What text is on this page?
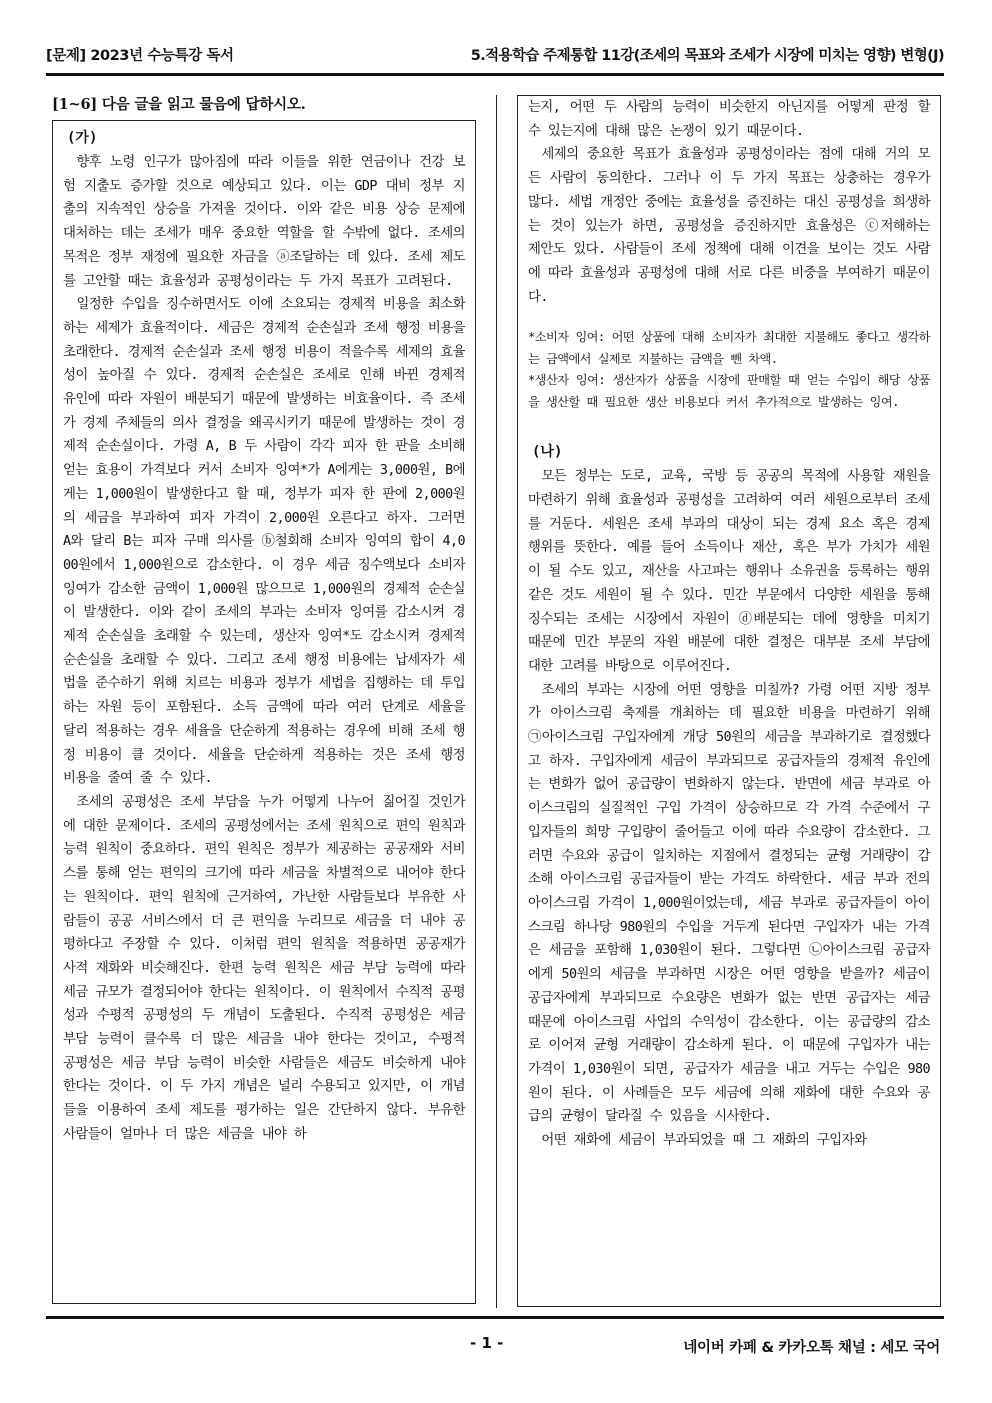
[문제] 2023년 수능특강 독서	5.적용학습 주제통합 11강(조세의 목표와 조세가 시장에 미치는 영향) 변형(J)
[1~6] 다음 글을 읽고 물음에 답하시오.
(가)

향후 노령 인구가 많아짐에 따라 이들을 위한 연금이나 건강 보험 지출도 증가할 것으로 예상되고 있다. 이는 GDP 대비 정부 지출의 지속적인 상승을 가져올 것이다. 이와 같은 비용 상승 문제에 대처하는 데는 조세가 매우 중요한 역할을 할 수밖에 없다. 조세의 목적은 정부 재정에 필요한 자금을 ⓐ조달하는 데 있다. 조세 제도를 고안할 때는 효율성과 공평성이라는 두 가지 목표가 고려된다.

일정한 수입을 징수하면서도 이에 소요되는 경제적 비용을 최소화하는 세제가 효율적이다. 세금은 경제적 순손실과 조세 행정 비용을 초래한다. 경제적 순손실과 조세 행정 비용이 적을수록 세제의 효율성이 높아질 수 있다. 경제적 순손실은 조세로 인해 바뀐 경제적 유인에 따라 자원이 배분되기 때문에 발생하는 비효율이다. 즉 조세가 경제 주체들의 의사 결정을 왜곡시키기 때문에 발생하는 것이 경제적 순손실이다. 가령 A, B 두 사람이 각각 피자 한 판을 소비해 얻는 효용이 가격보다 커서 소비자 잉여*가 A에게는 3,000원, B에게는 1,000원이 발생한다고 할 때, 정부가 피자 한 판에 2,000원의 세금을 부과하여 피자 가격이 2,000원 오른다고 하자. 그러면 A와 달리 B는 피자 구매 의사를 ⓑ철회해 소비자 잉여의 합이 4,000원에서 1,000원으로 감소한다. 이 경우 세금 징수액보다 소비자 잉여가 감소한 금액이 1,000원 많으므로 1,000원의 경제적 순손실이 발생한다. 이와 같이 조세의 부과는 소비자 잉여를 감소시켜 경제적 순손실을 초래할 수 있는데, 생산자 잉여*도 감소시켜 경제적 순손실을 초래할 수 있다. 그리고 조세 행정 비용에는 납세자가 세법을 준수하기 위해 치르는 비용과 정부가 세법을 집행하는 데 투입하는 자원 등이 포함된다. 소득 금액에 따라 여러 단계로 세율을 달리 적용하는 경우 세율을 단순하게 적용하는 경우에 비해 조세 행정 비용이 클 것이다. 세율을 단순하게 적용하는 것은 조세 행정 비용을 줄여 줄 수 있다.

조세의 공평성은 조세 부담을 누가 어떻게 나누어 짊어질 것인가에 대한 문제이다. 조세의 공평성에서는 조세 원칙으로 편익 원칙과 능력 원칙이 중요하다. 편익 원칙은 정부가 제공하는 공공재와 서비스를 통해 얻는 편익의 크기에 따라 세금을 차별적으로 내어야 한다는 원칙이다. 편익 원칙에 근거하여, 가난한 사람들보다 부유한 사람들이 공공 서비스에서 더 큰 편익을 누리므로 세금을 더 내야 공평하다고 주장할 수 있다. 이처럼 편익 원칙을 적용하면 공공재가 사적 재화와 비슷해진다. 한편 능력 원칙은 세금 부담 능력에 따라 세금 규모가 결정되어야 한다는 원칙이다. 이 원칙에서 수직적 공평성과 수평적 공평성의 두 개념이 도출된다. 수직적 공평성은 세금 부담 능력이 클수록 더 많은 세금을 내야 한다는 것이고, 수평적 공평성은 세금 부담 능력이 비슷한 사람들은 세금도 비슷하게 내야 한다는 것이다. 이 두 가지 개념은 널리 수용되고 있지만, 이 개념들을 이용하여 조세 제도를 평가하는 일은 간단하지 않다. 부유한 사람들이 얼마나 더 많은 세금을 내야 하

는지, 어떤 두 사람의 능력이 비슷한지 아닌지를 어떻게 판정 할 수 있는지에 대해 많은 논쟁이 있기 때문이다.

세제의 중요한 목표가 효율성과 공평성이라는 점에 대해 거의 모든 사람이 동의한다. 그러나 이 두 가지 목표는 상충하는 경우가 많다. 세법 개정안 중에는 효율성을 증진하는 대신 공평성을 희생하는 것이 있는가 하면, 공평성을 증진하지만 효율성은 ⓒ저해하는 제안도 있다. 사람들이 조세 정책에 대해 이견을 보이는 것도 사람에 따라 효율성과 공평성에 대해 서로 다른 비중을 부여하기 때문이다.

*소비자 잉여: 어떤 상품에 대해 소비자가 최대한 지불해도 좋다고 생각하는 금액에서 실제로 지불하는 금액을 뺀 차액.

*생산자 잉여: 생산자가 상품을 시장에 판매할 때 얻는 수입이 해당 상품을 생산할 때 필요한 생산 비용보다 커서 추가적으로 발생하는 잉여.

(나)

모든 정부는 도로, 교육, 국방 등 공공의 목적에 사용할 재원을 마련하기 위해 효율성과 공평성을 고려하여 여러 세원으로부터 조세를 거둔다. 세원은 조세 부과의 대상이 되는 경제 요소 혹은 경제 행위를 뜻한다. 예를 들어 소득이나 재산, 혹은 부가 가치가 세원이 될 수도 있고, 재산을 사고파는 행위나 소유권을 등록하는 행위 같은 것도 세원이 될 수 있다. 민간 부문에서 다양한 세원을 통해 징수되는 조세는 시장에서 자원이 ⓓ배분되는 데에 영향을 미치기 때문에 민간 부문의 자원 배분에 대한 결정은 대부분 조세 부담에 대한 고려를 바탕으로 이루어진다.

조세의 부과는 시장에 어떤 영향을 미칠까? 가령 어떤 지방 정부가 아이스크림 축제를 개최하는 데 필요한 비용을 마련하기 위해 ㉠아이스크림 구입자에게 개당 50원의 세금을 부과하기로 결정했다고 하자. 구입자에게 세금이 부과되므로 공급자들의 경제적 유인에는 변화가 없어 공급량이 변화하지 않는다. 반면에 세금 부과로 아이스크림의 실질적인 구입 가격이 상승하므로 각 가격 수준에서 구입자들의 희망 구입량이 줄어들고 이에 따라 수요량이 감소한다. 그러면 수요와 공급이 일치하는 지점에서 결정되는 균형 거래량이 감소해 아이스크림 공급자들이 받는 가격도 하락한다. 세금 부과 전의 아이스크림 가격이 1,000원이었는데, 세금 부과로 공급자들이 아이스크림 하나당 980원의 수입을 거두게 된다면 구입자가 내는 가격은 세금을 포함해 1,030원이 된다. 그렇다면 ㉡아이스크림 공급자에게 50원의 세금을 부과하면 시장은 어떤 영향을 받을까? 세금이 공급자에게 부과되므로 수요량은 변화가 없는 반면 공급자는 세금 때문에 아이스크림 사업의 수익성이 감소한다. 이는 공급량의 감소로 이어져 균형 거래량이 감소하게 된다. 이 때문에 구입자가 내는 가격이 1,030원이 되면, 공급자가 세금을 내고 거두는 수입은 980원이 된다. 이 사례들은 모두 세금에 의해 재화에 대한 수요와 공급의 균형이 달라질 수 있음을 시사한다.

어떤 재화에 세금이 부과되었을 때 그 재화의 구입자와

- 1 -	네이버 카페 & 카카오톡 채널 : 세모 국어
